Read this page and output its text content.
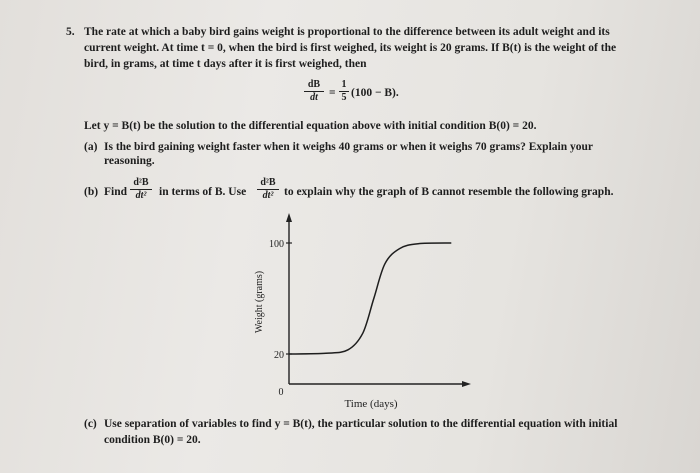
5. The rate at which a baby bird gains weight is proportional to the difference between its adult weight and its
current weight. At time t = 0, when the bird is first weighed, its weight is 20 grams. If B(t) is the weight of the
bird, in grams, at time t days after it is first weighed, then
dB
dt =
1
5 (100 − B).
Let y = B(t) be the solution to the differential equation above with initial condition B(0) = 20.
(a) Is the bird gaining weight faster when it weighs 40 grams or when it weighs 70 grams? Explain your
reasoning.
(b) Find
d²B
dt²	in terms of B. Use
d²B
dt² to explain why the graph of B cannot resemble the following graph.
100
20
0
Weight (grams)
Time (days)
(c) Use separation of variables to find y = B(t), the particular solution to the differential equation with initial
condition B(0) = 20.
